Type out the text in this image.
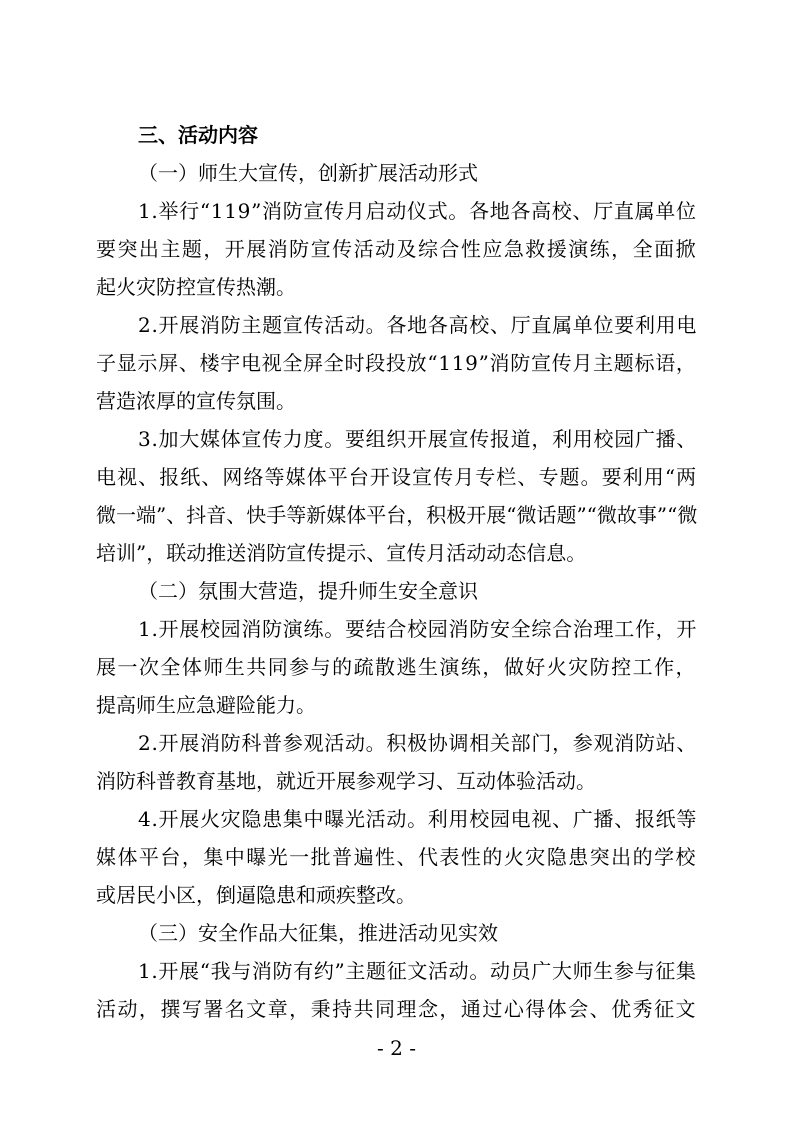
三、活动内容
（一）师生大宣传，创新扩展活动形式
1.举行“119”消防宣传月启动仪式。各地各高校、厅直属单位
要突出主题，开展消防宣传活动及综合性应急救援演练，全面掀
起火灾防控宣传热潮。
2.开展消防主题宣传活动。各地各高校、厅直属单位要利用电
子显示屏、楼宇电视全屏全时段投放“119”消防宣传月主题标语，
营造浓厚的宣传氛围。
3.加大媒体宣传力度。要组织开展宣传报道，利用校园广播、
电视、报纸、网络等媒体平台开设宣传月专栏、专题。要利用“两
微一端”、抖音、快手等新媒体平台，积极开展“微话题”“微故事”“微
培训”，联动推送消防宣传提示、宣传月活动动态信息。
（二）氛围大营造，提升师生安全意识
1.开展校园消防演练。要结合校园消防安全综合治理工作，开
展一次全体师生共同参与的疏散逃生演练，做好火灾防控工作，
提高师生应急避险能力。
2.开展消防科普参观活动。积极协调相关部门，参观消防站、
消防科普教育基地，就近开展参观学习、互动体验活动。
4.开展火灾隐患集中曝光活动。利用校园电视、广播、报纸等
媒体平台，集中曝光一批普遍性、代表性的火灾隐患突出的学校
或居民小区，倒逼隐患和顽疾整改。
（三）安全作品大征集，推进活动见实效
1.开展“我与消防有约”主题征文活动。动员广大师生参与征集
活动，撰写署名文章，秉持共同理念，通过心得体会、优秀征文
- 2 -
